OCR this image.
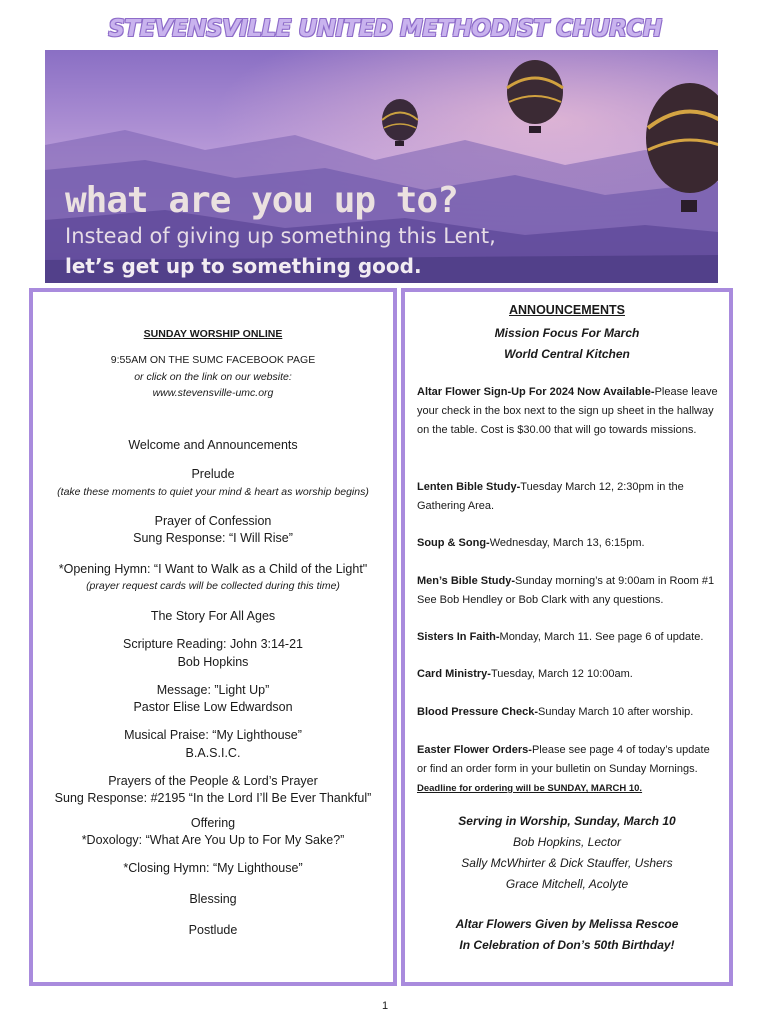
STEVENSVILLE UNITED METHODIST CHURCH
what are you up to?
Instead of giving up something this Lent,
let’s get up to something good.
SUNDAY WORSHIP ONLINE
9:55AM ON THE SUMC FACEBOOK PAGE
or click on the link on our website:
www.stevensville-umc.org
Welcome and Announcements
Prelude
(take these moments to quiet your mind & heart as worship begins)
Prayer of Confession
Sung Response: “I Will Rise”
*Opening Hymn: “I Want to Walk as a Child of the Light"
(prayer request cards will be collected during this time)
The Story For All Ages
Scripture Reading: John 3:14-21
Bob Hopkins
Message: ”Light Up”
Pastor Elise Low Edwardson
Musical Praise: “My Lighthouse”
B.A.S.I.C.
Prayers of the People & Lord’s Prayer
Sung Response: #2195 “In the Lord I’ll Be Ever Thankful”
Offering
*Doxology: “What Are You Up to For My Sake?”
*Closing Hymn: “My Lighthouse”
Blessing
Postlude
ANNOUNCEMENTS
Mission Focus For March
World Central Kitchen
Altar Flower Sign-Up For 2024 Now Available-Please leave your check in the box next to the sign up sheet in the hallway on the table. Cost is $30.00 that will go towards missions.
Lenten Bible Study-Tuesday March 12, 2:30pm in the Gathering Area.
Soup & Song-Wednesday, March 13, 6:15pm.
Men’s Bible Study-Sunday morning’s at 9:00am in Room #1 See Bob Hendley or Bob Clark with any questions.
Sisters In Faith-Monday, March 11. See page 6 of update.
Card Ministry-Tuesday, March 12 10:00am.
Blood Pressure Check-Sunday March 10 after worship.
Easter Flower Orders-Please see page 4 of today’s update or find an order form in your bulletin on Sunday Mornings.
Deadline for ordering will be SUNDAY, MARCH 10.
Serving in Worship, Sunday, March 10
Bob Hopkins, Lector
Sally McWhirter & Dick Stauffer, Ushers
Grace Mitchell, Acolyte
Altar Flowers Given by Melissa Rescoe
In Celebration of Don’s 50th Birthday!
1
